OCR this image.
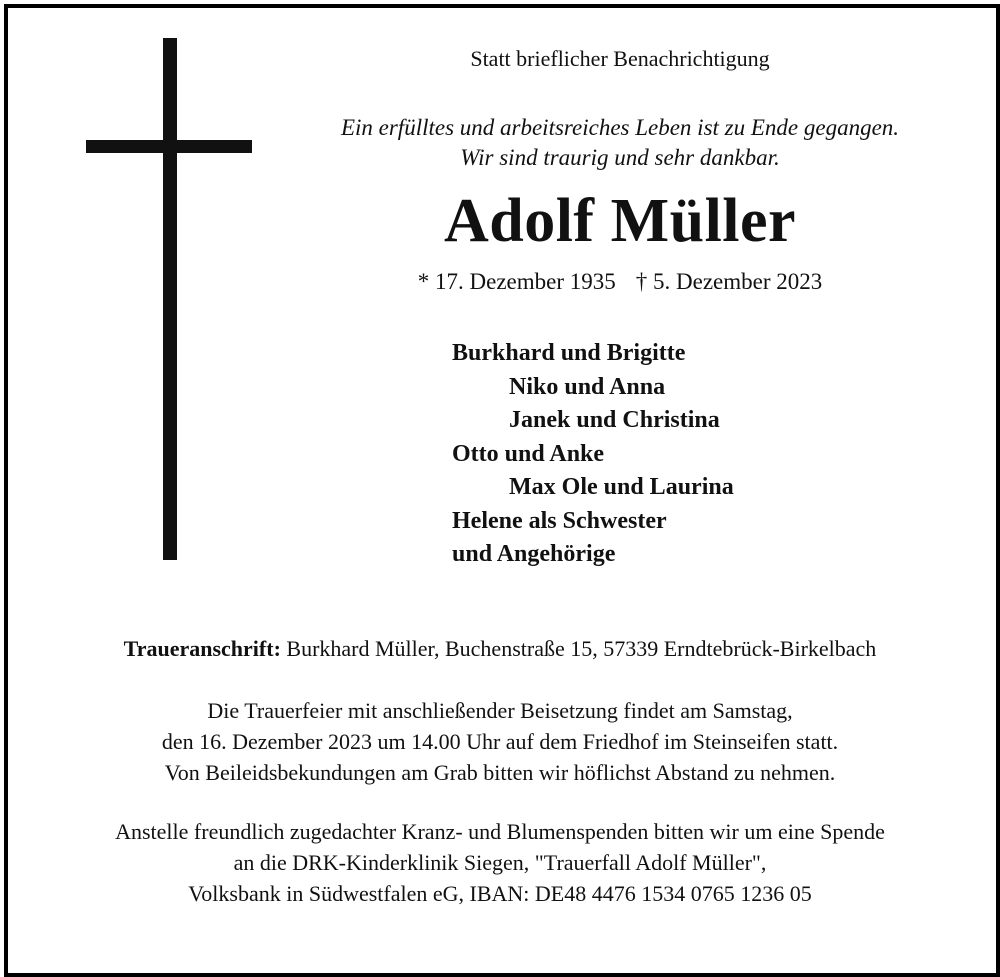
Statt brieflicher Benachrichtigung
Ein erfülltes und arbeitsreiches Leben ist zu Ende gegangen.
Wir sind traurig und sehr dankbar.
Adolf Müller
* 17. Dezember 1935 † 5. Dezember 2023
Burkhard und Brigitte
Niko und Anna
Janek und Christina
Otto und Anke
Max Ole und Laurina
Helene als Schwester
und Angehörige
Traueranschrift: Burkhard Müller, Buchenstraße 15, 57339 Erndtebrück-Birkelbach
Die Trauerfeier mit anschließender Beisetzung findet am Samstag,
den 16. Dezember 2023 um 14.00 Uhr auf dem Friedhof im Steinseifen statt.
Von Beileidsbekundungen am Grab bitten wir höflichst Abstand zu nehmen.
Anstelle freundlich zugedachter Kranz- und Blumenspenden bitten wir um eine Spende
an die DRK-Kinderklinik Siegen, "Trauerfall Adolf Müller",
Volksbank in Südwestfalen eG, IBAN: DE48 4476 1534 0765 1236 05
